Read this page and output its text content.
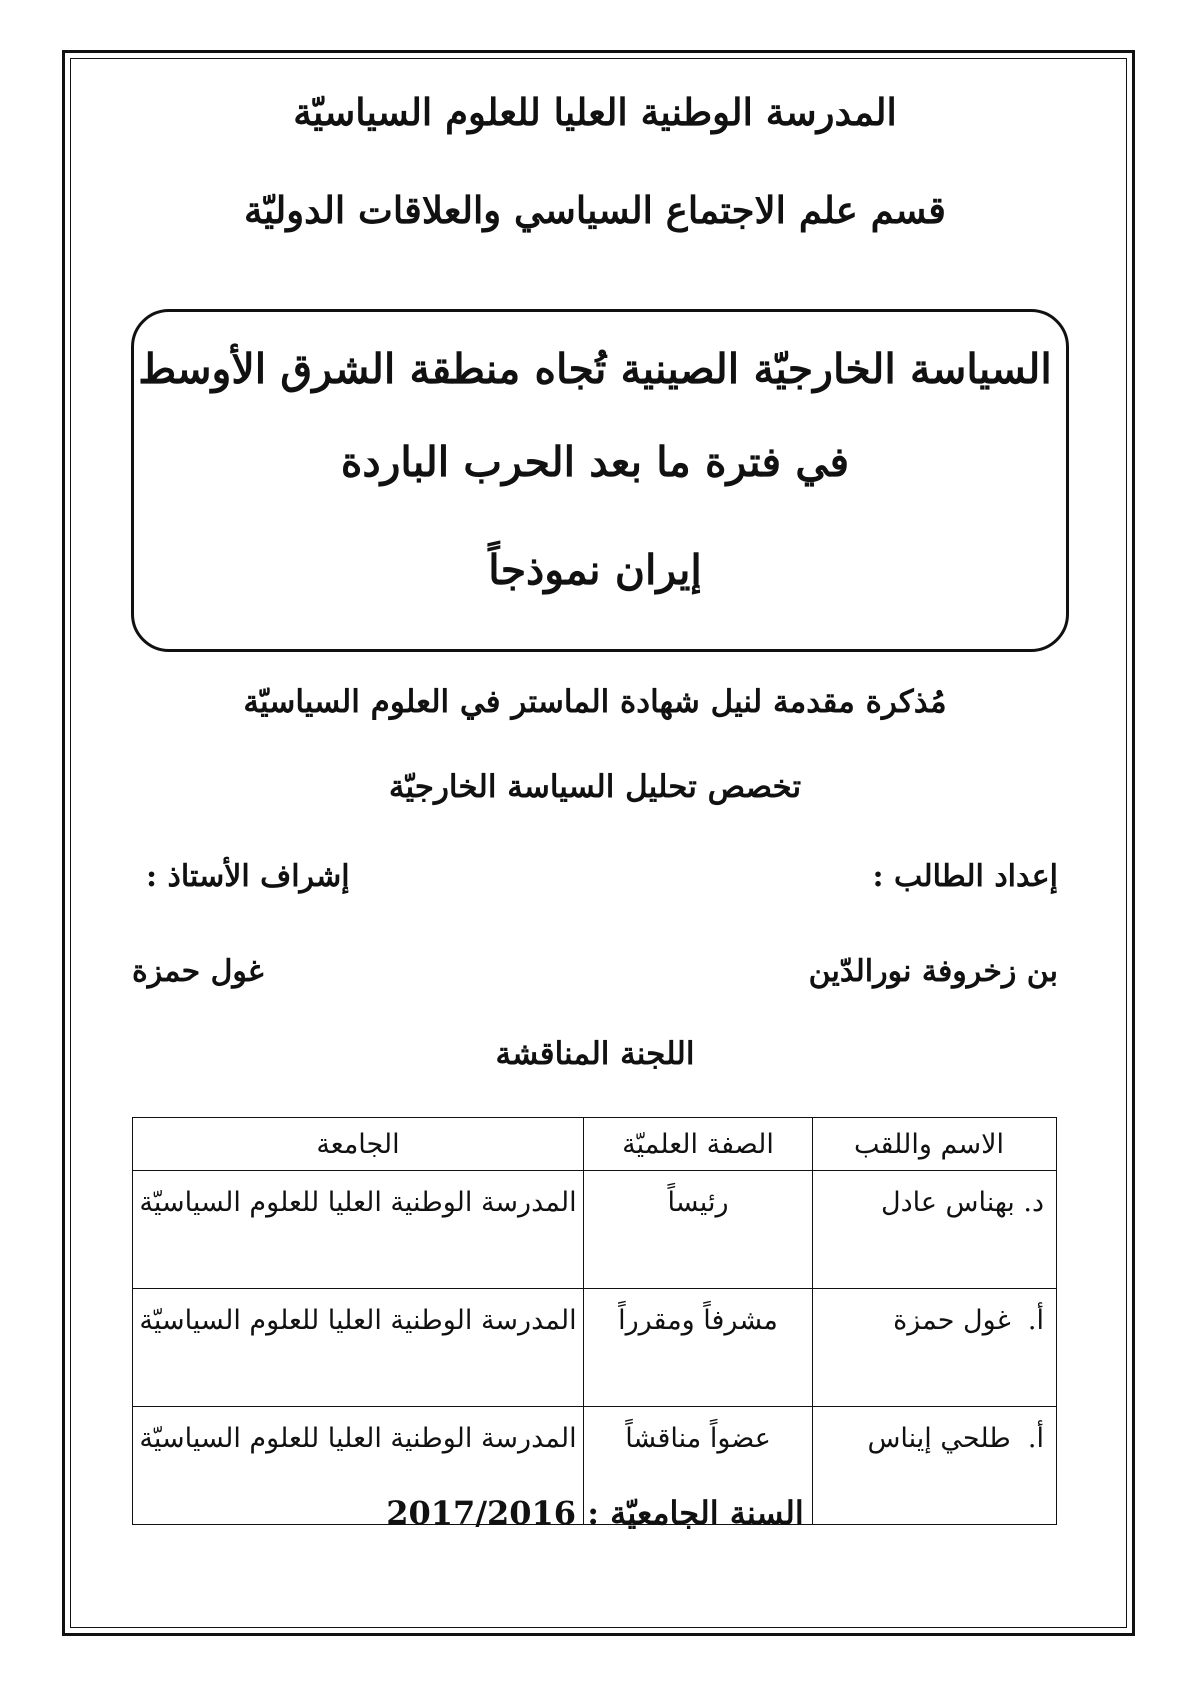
المدرسة الوطنية العليا للعلوم السياسيّة
قسم علم الاجتماع السياسي والعلاقات الدوليّة
السياسة الخارجيّة الصينية تُجاه منطقة الشرق الأوسط
في فترة ما بعد الحرب الباردة
إيران نموذجاً
مُذكرة مقدمة لنيل شهادة الماستر في العلوم السياسيّة
تخصص تحليل السياسة الخارجيّة
إعداد الطالب :
إشراف الأستاذ :
بن زخروفة نورالدّين
غول حمزة
اللجنة المناقشة
الاسم واللقب	الصفة العلميّة	الجامعة
د. بهناس عادل	رئيساً	المدرسة الوطنية العليا للعلوم السياسيّة
أ.  غول حمزة	مشرفاً ومقرراً	المدرسة الوطنية العليا للعلوم السياسيّة
أ.  طلحي إيناس	عضواً مناقشاً	المدرسة الوطنية العليا للعلوم السياسيّة
السنة الجامعيّة : 2017/2016
